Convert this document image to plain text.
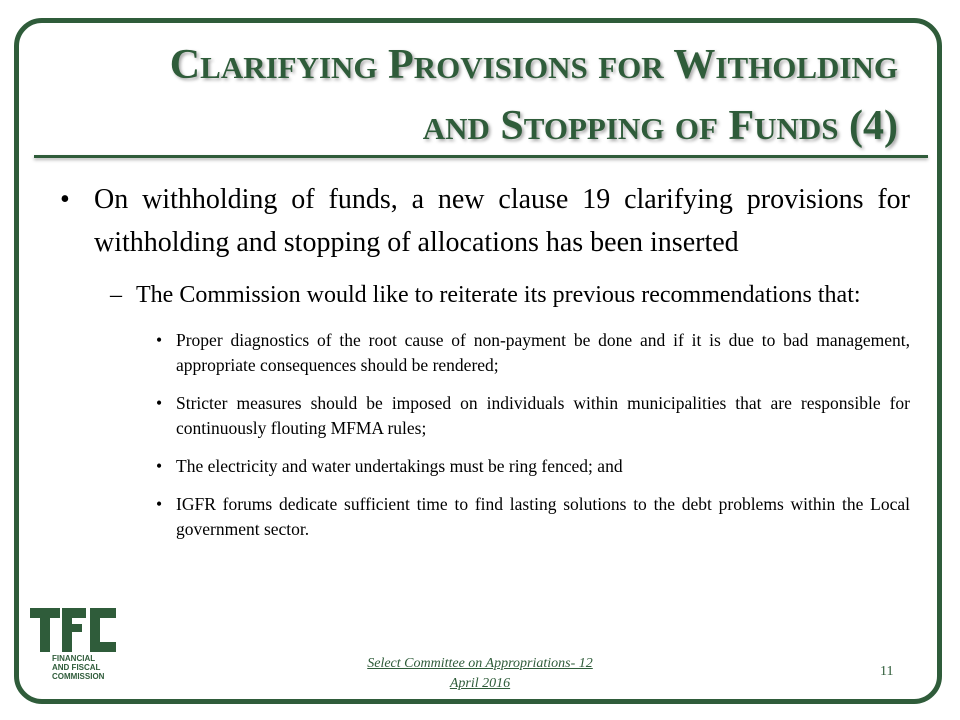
CLARIFYING PROVISIONS FOR WITHOLDING
AND STOPPING OF FUNDS (4)
• On withholding of funds, a new clause 19 clarifying provisions for withholding and stopping of allocations has been inserted
– The Commission would like to reiterate its previous recommendations that:
• Proper diagnostics of the root cause of non-payment be done and if it is due to bad management, appropriate consequences should be rendered;
• Stricter measures should be imposed on individuals within municipalities that are responsible for continuously flouting MFMA rules;
• The electricity and water undertakings must be ring fenced; and
• IGFR forums dedicate sufficient time to find lasting solutions to the debt problems within the Local government sector.
FINANCIAL
AND FISCAL
COMMISSION
Select Committee on Appropriations- 12
April 2016
11
